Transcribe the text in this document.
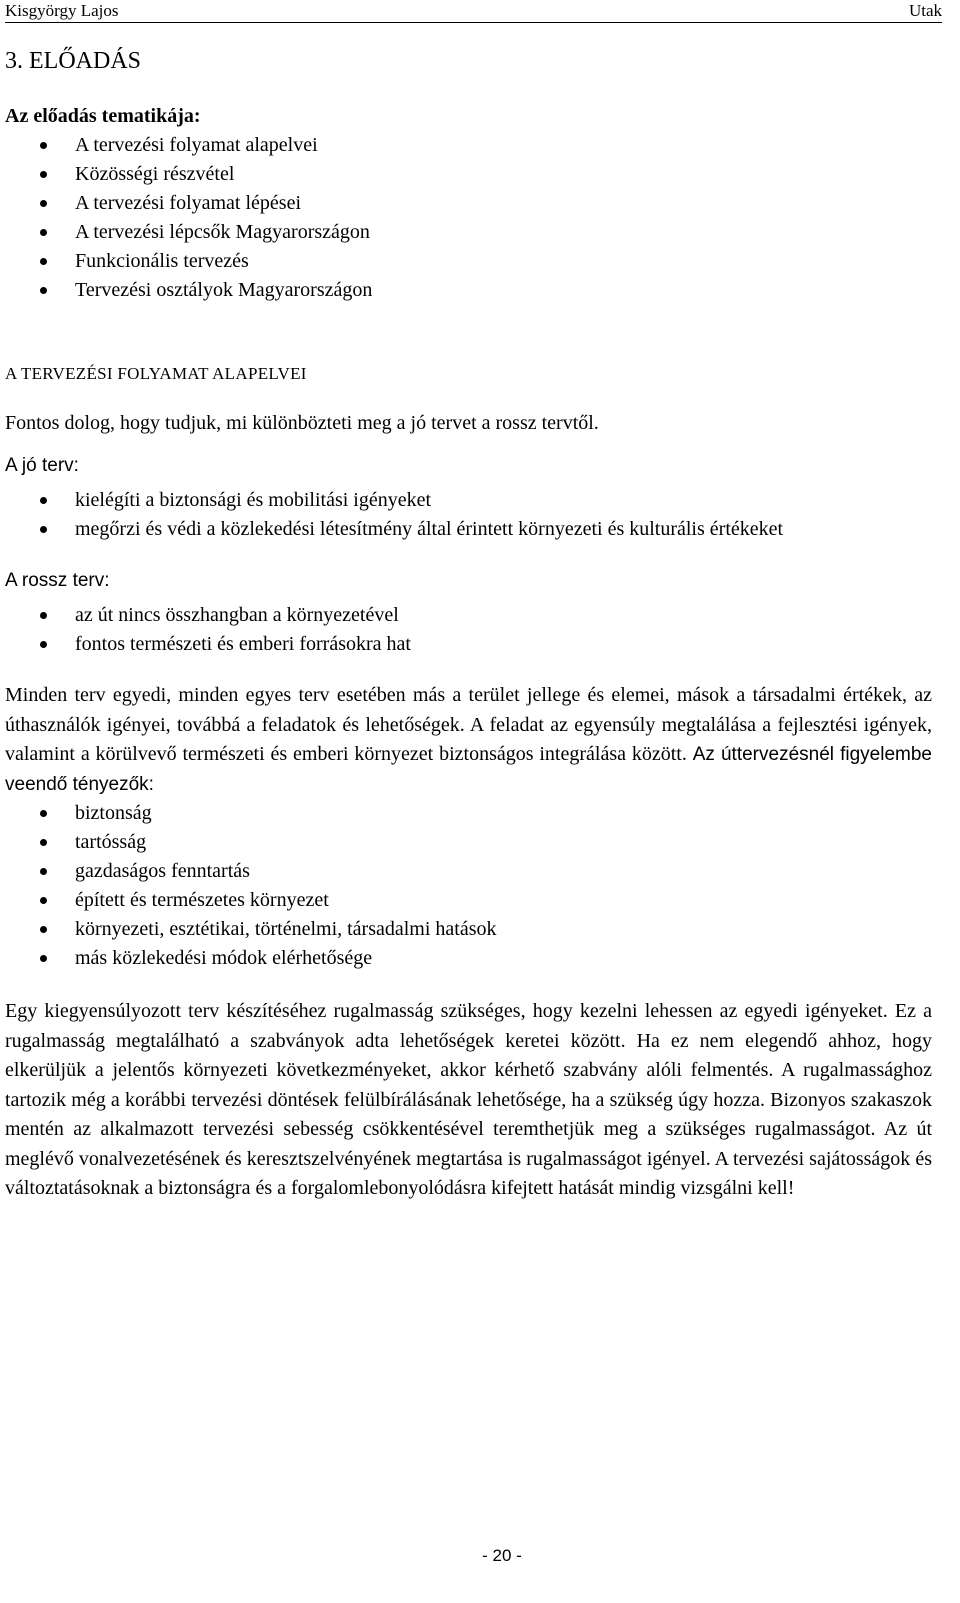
Kisgyörgy Lajos	Utak
3. ELŐADÁS
Az előadás tematikája:
A tervezési folyamat alapelvei
Közösségi részvétel
A tervezési folyamat lépései
A tervezési lépcsők Magyarországon
Funkcionális tervezés
Tervezési osztályok Magyarországon
A TERVEZÉSI FOLYAMAT ALAPELVEI

Fontos dolog, hogy tudjuk, mi különbözteti meg a jó tervet a rossz tervtől.

A jó terv:

kielégíti a biztonsági és mobilitási igényeket
megőrzi és védi a közlekedési létesítmény által érintett környezeti és kulturális értékeket

A rossz terv:

az út nincs összhangban a környezetével
fontos természeti és emberi forrásokra hat

Minden terv egyedi, minden egyes terv esetében más a terület jellege és elemei, mások a társadalmi értékek, az úthasználók igényei, továbbá a feladatok és lehetőségek. A feladat az egyensúly megtalálása a fejlesztési igények, valamint a körülvevő természeti és emberi környezet biztonságos integrálása között. Az úttervezésnél figyelembe veendő tényezők:

biztonság
tartósság
gazdaságos fenntartás
épített és természetes környezet
környezeti, esztétikai, történelmi, társadalmi hatások
más közlekedési módok elérhetősége

Egy kiegyensúlyozott terv készítéséhez rugalmasság szükséges, hogy kezelni lehessen az egyedi igényeket. Ez a rugalmasság megtalálható a szabványok adta lehetőségek keretei között. Ha ez nem elegendő ahhoz, hogy elkerüljük a jelentős környezeti következményeket, akkor kérhető szabvány alóli felmentés. A rugalmassághoz tartozik még a korábbi tervezési döntések felülbírálásának lehetősége, ha a szükség úgy hozza. Bizonyos szakaszok mentén az alkalmazott tervezési sebesség csökkentésével teremthetjük meg a szükséges rugalmasságot. Az út meglévő vonalvezetésének és keresztszelvényének megtartása is rugalmasságot igényel. A tervezési sajátosságok és változtatásoknak a biztonságra és a forgalomlebonyolódásra kifejtett hatását mindig vizsgálni kell!

- 20 -
